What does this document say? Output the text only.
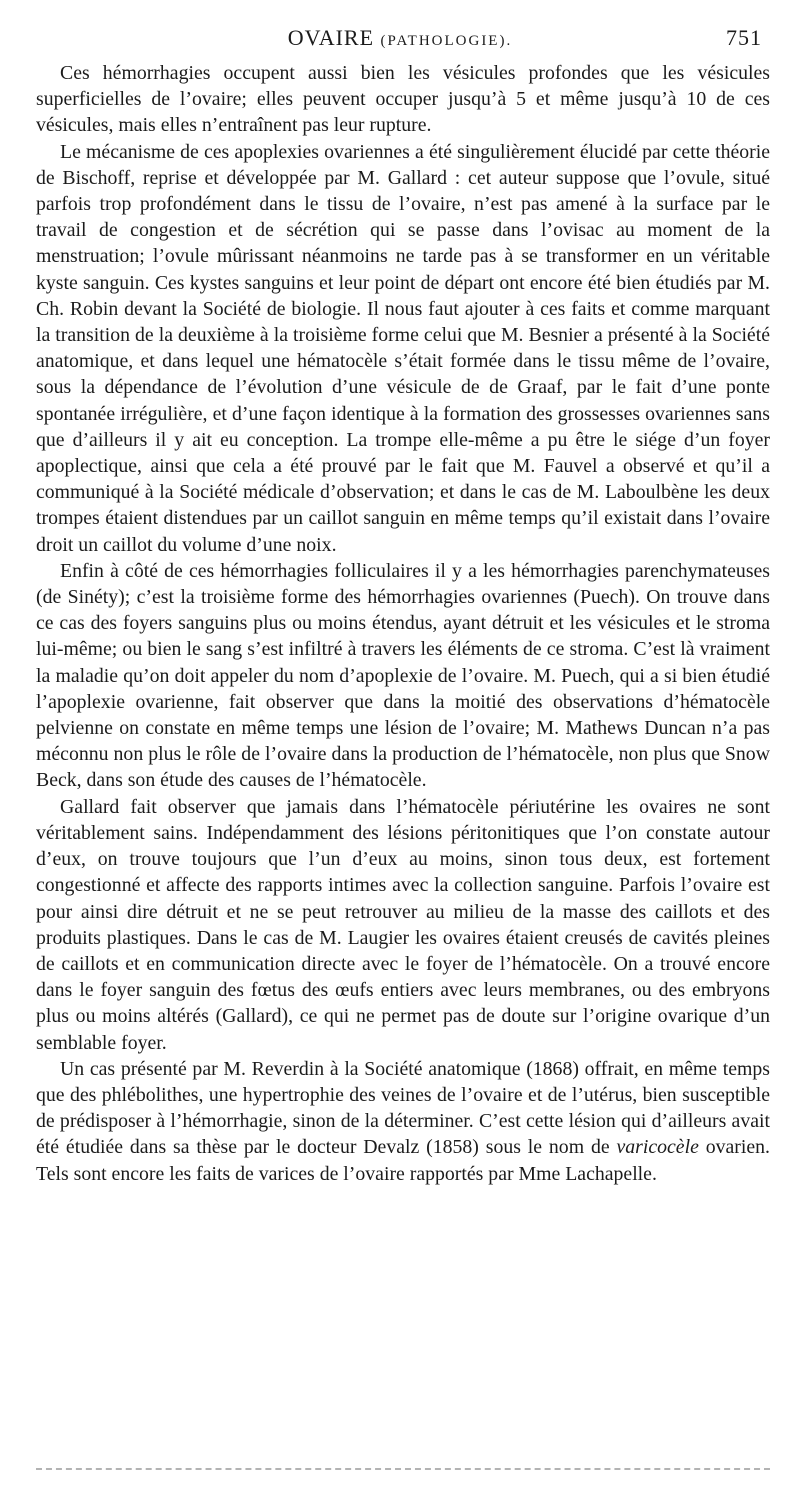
OVAIRE (PATHOLOGIE).	751

Ces hémorrhagies occupent aussi bien les vésicules profondes que les vésicules superficielles de l’ovaire; elles peuvent occuper jusqu’à 5 et même jusqu’à 10 de ces vésicules, mais elles n’entraînent pas leur rupture.

Le mécanisme de ces apoplexies ovariennes a été singulièrement élucidé par cette théorie de Bischoff, reprise et développée par M. Gallard : cet auteur suppose que l’ovule, situé parfois trop profondément dans le tissu de l’ovaire, n’est pas amené à la surface par le travail de congestion et de sécrétion qui se passe dans l’ovisac au moment de la menstruation; l’ovule mûrissant néanmoins ne tarde pas à se transformer en un véritable kyste sanguin. Ces kystes sanguins et leur point de départ ont encore été bien étudiés par M. Ch. Robin devant la Société de biologie. Il nous faut ajouter à ces faits et comme marquant la transition de la deuxième à la troisième forme celui que M. Besnier a présenté à la Société anatomique, et dans lequel une hématocèle s’était formée dans le tissu même de l’ovaire, sous la dépendance de l’évolution d’une vésicule de de Graaf, par le fait d’une ponte spontanée irrégulière, et d’une façon identique à la formation des grossesses ovariennes sans que d’ailleurs il y ait eu conception. La trompe elle-même a pu être le siége d’un foyer apoplectique, ainsi que cela a été prouvé par le fait que M. Fauvel a observé et qu’il a communiqué à la Société médicale d’observation; et dans le cas de M. Laboulbène les deux trompes étaient distendues par un caillot sanguin en même temps qu’il existait dans l’ovaire droit un caillot du volume d’une noix.

Enfin à côté de ces hémorrhagies folliculaires il y a les hémorrhagies parenchymateuses (de Sinéty); c’est la troisième forme des hémorrhagies ovariennes (Puech). On trouve dans ce cas des foyers sanguins plus ou moins étendus, ayant détruit et les vésicules et le stroma lui-même; ou bien le sang s’est infiltré à travers les éléments de ce stroma. C’est là vraiment la maladie qu’on doit appeler du nom d’apoplexie de l’ovaire. M. Puech, qui a si bien étudié l’apoplexie ovarienne, fait observer que dans la moitié des observations d’hématocèle pelvienne on constate en même temps une lésion de l’ovaire; M. Mathews Duncan n’a pas méconnu non plus le rôle de l’ovaire dans la production de l’hématocèle, non plus que Snow Beck, dans son étude des causes de l’hématocèle.

Gallard fait observer que jamais dans l’hématocèle périutérine les ovaires ne sont véritablement sains. Indépendamment des lésions péritonitiques que l’on constate autour d’eux, on trouve toujours que l’un d’eux au moins, sinon tous deux, est fortement congestionné et affecte des rapports intimes avec la collection sanguine. Parfois l’ovaire est pour ainsi dire détruit et ne se peut retrouver au milieu de la masse des caillots et des produits plastiques. Dans le cas de M. Laugier les ovaires étaient creusés de cavités pleines de caillots et en communication directe avec le foyer de l’hématocèle. On a trouvé encore dans le foyer sanguin des fœtus des œufs entiers avec leurs membranes, ou des embryons plus ou moins altérés (Gallard), ce qui ne permet pas de doute sur l’origine ovarique d’un semblable foyer.

Un cas présenté par M. Reverdin à la Société anatomique (1868) offrait, en même temps que des phlébolithes, une hypertrophie des veines de l’ovaire et de l’utérus, bien susceptible de prédisposer à l’hémorrhagie, sinon de la déterminer. C’est cette lésion qui d’ailleurs avait été étudiée dans sa thèse par le docteur Devalz (1858) sous le nom de varicocèle ovarien. Tels sont encore les faits de varices de l’ovaire rapportés par Mme Lachapelle.
